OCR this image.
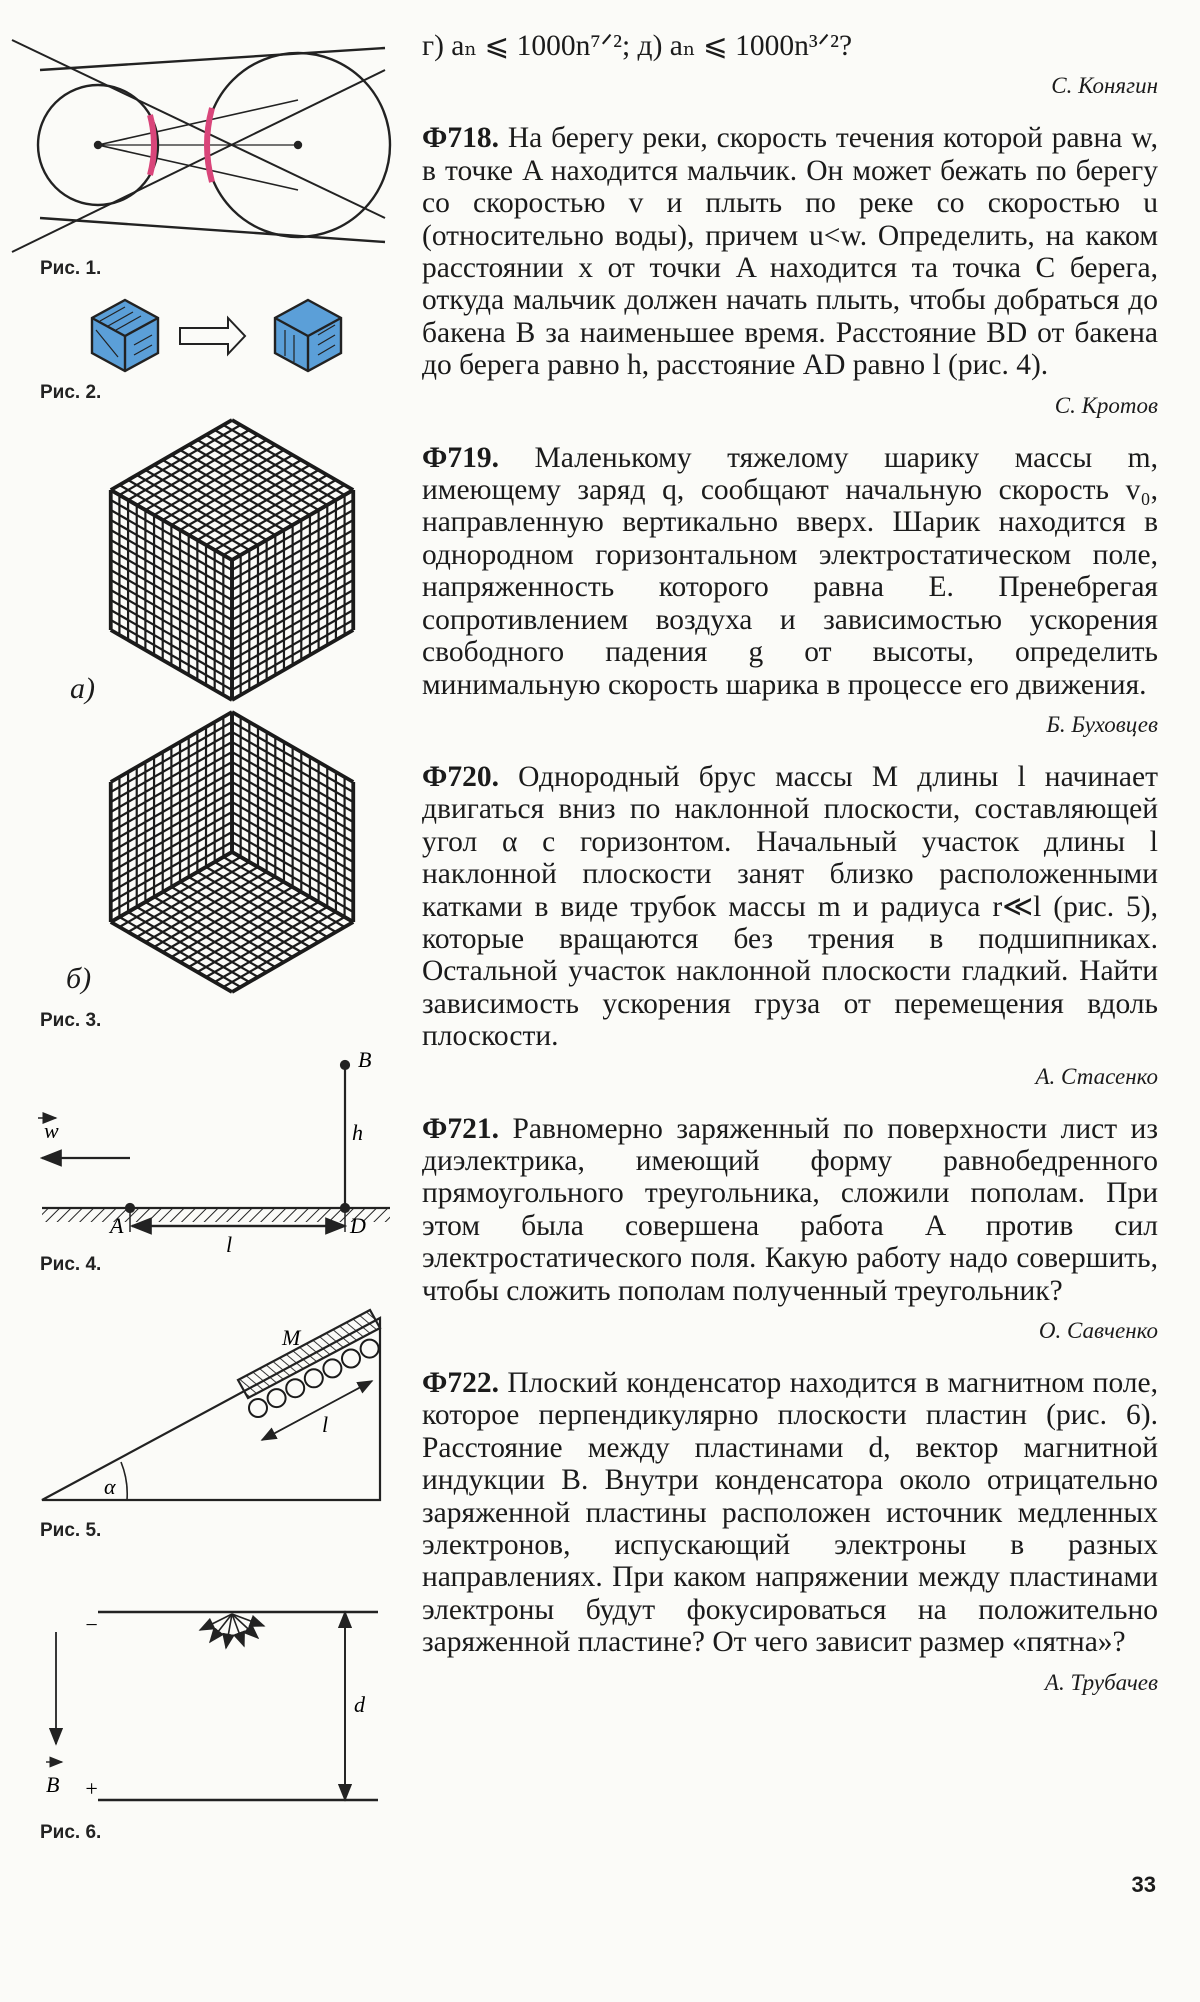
B
h
w
A	D
l
M
l
α
−
+
d
B
Рис. 1.
Рис. 2.
а)
б)
Рис. 3.
Рис. 4.
Рис. 5.
Рис. 6.

г) aₙ ⩽ 1000n⁷ᐟ²; д) aₙ ⩽ 1000n³ᐟ²?

С. Конягин

Ф718. На берегу реки, скорость течения которой равна w, в точке A находится мальчик. Он может бежать по берегу со скоростью v и плыть по реке со скоростью u (относительно воды), причем u<w. Определить, на каком расстоянии x от точки A находится та точка C берега, откуда мальчик должен начать плыть, чтобы добраться до бакена B за наименьшее время. Расстояние BD от бакена до берега равно h, расстояние AD равно l (рис. 4).

С. Кротов

Ф719. Маленькому тяжелому шарику массы m, имеющему заряд q, сообщают начальную скорость v₀, направленную вертикально вверх. Шарик находится в однородном горизонтальном электростатическом поле, напряженность которого равна E. Пренебрегая сопротивлением воздуха и зависимостью ускорения свободного падения g от высоты, определить минимальную скорость шарика в процессе его движения.

Б. Буховцев

Ф720. Однородный брус массы M длины l начинает двигаться вниз по наклонной плоскости, составляющей угол α с горизонтом. Начальный участок длины l наклонной плоскости занят близко расположенными катками в виде трубок массы m и радиуса r≪l (рис. 5), которые вращаются без трения в подшипниках. Остальной участок наклонной плоскости гладкий. Найти зависимость ускорения груза от перемещения вдоль плоскости.

А. Стасенко

Ф721. Равномерно заряженный по поверхности лист из диэлектрика, имеющий форму равнобедренного прямоугольного треугольника, сложили пополам. При этом была совершена работа A против сил электростатического поля. Какую работу надо совершить, чтобы сложить пополам полученный треугольник?

О. Савченко

Ф722. Плоский конденсатор находится в магнитном поле, которое перпендикулярно плоскости пластин (рис. 6). Расстояние между пластинами d, вектор магнитной индукции B. Внутри конденсатора около отрицательно заряженной пластины расположен источник медленных электронов, испускающий электроны в разных направлениях. При каком напряжении между пластинами электроны будут фокусироваться на положительно заряженной пластине? От чего зависит размер «пятна»?

А. Трубачев

33
